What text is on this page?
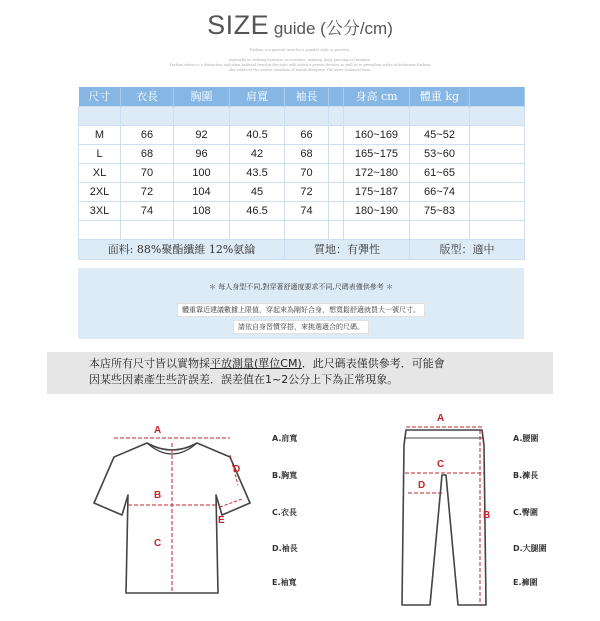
SIZE guide (公分/cm)
Fashion is a general term for a popular style or practice,
especially in clothing footwear, accessories, makeup, body piercing or furniture.
Fashion refers to a distinctive and often habitual trend in the style with which a person dresses as well as to prevailing styles in behaviour.Fashion
also refers to the newest creations of textile designers The more technical term.
尺寸	衣長	胸圍	肩寬	袖長		身高 cm	體重 kg	

M	66	92	40.5	66		160~169	45~52	
L	68	96	42	68		165~175	53~60	
XL	70	100	43.5	70		172~180	61~65	
2XL	72	104	45	72		175~187	66~74	
3XL	74	108	46.5	74		180~190	75~83	

面料: 88%聚酯纖維 12%氨綸				質地：有彈性			版型：適中	
＊ 每人身型不同,對穿著舒適度要求不同,尺碼表僅供參考 ＊
體重靠近建議數據上限值，穿起來為剛好合身，想寬鬆舒適就買大一號尺寸。
請依自身習慣穿搭，來挑選適合的尺碼。
本店所有尺寸皆以實物採平放測量(單位CM)．此尺碼表僅供參考．可能會
因某些因素產生些許誤差．誤差值在1~2公分上下為正常現象。
A
B
C
D
E
A.肩寬
B.胸寬
C.衣長
D.袖長
E.袖寬
A
B
C
D
A.腰圍
B.褲長
C.臀圍
D.大腿圍
E.褲圍
